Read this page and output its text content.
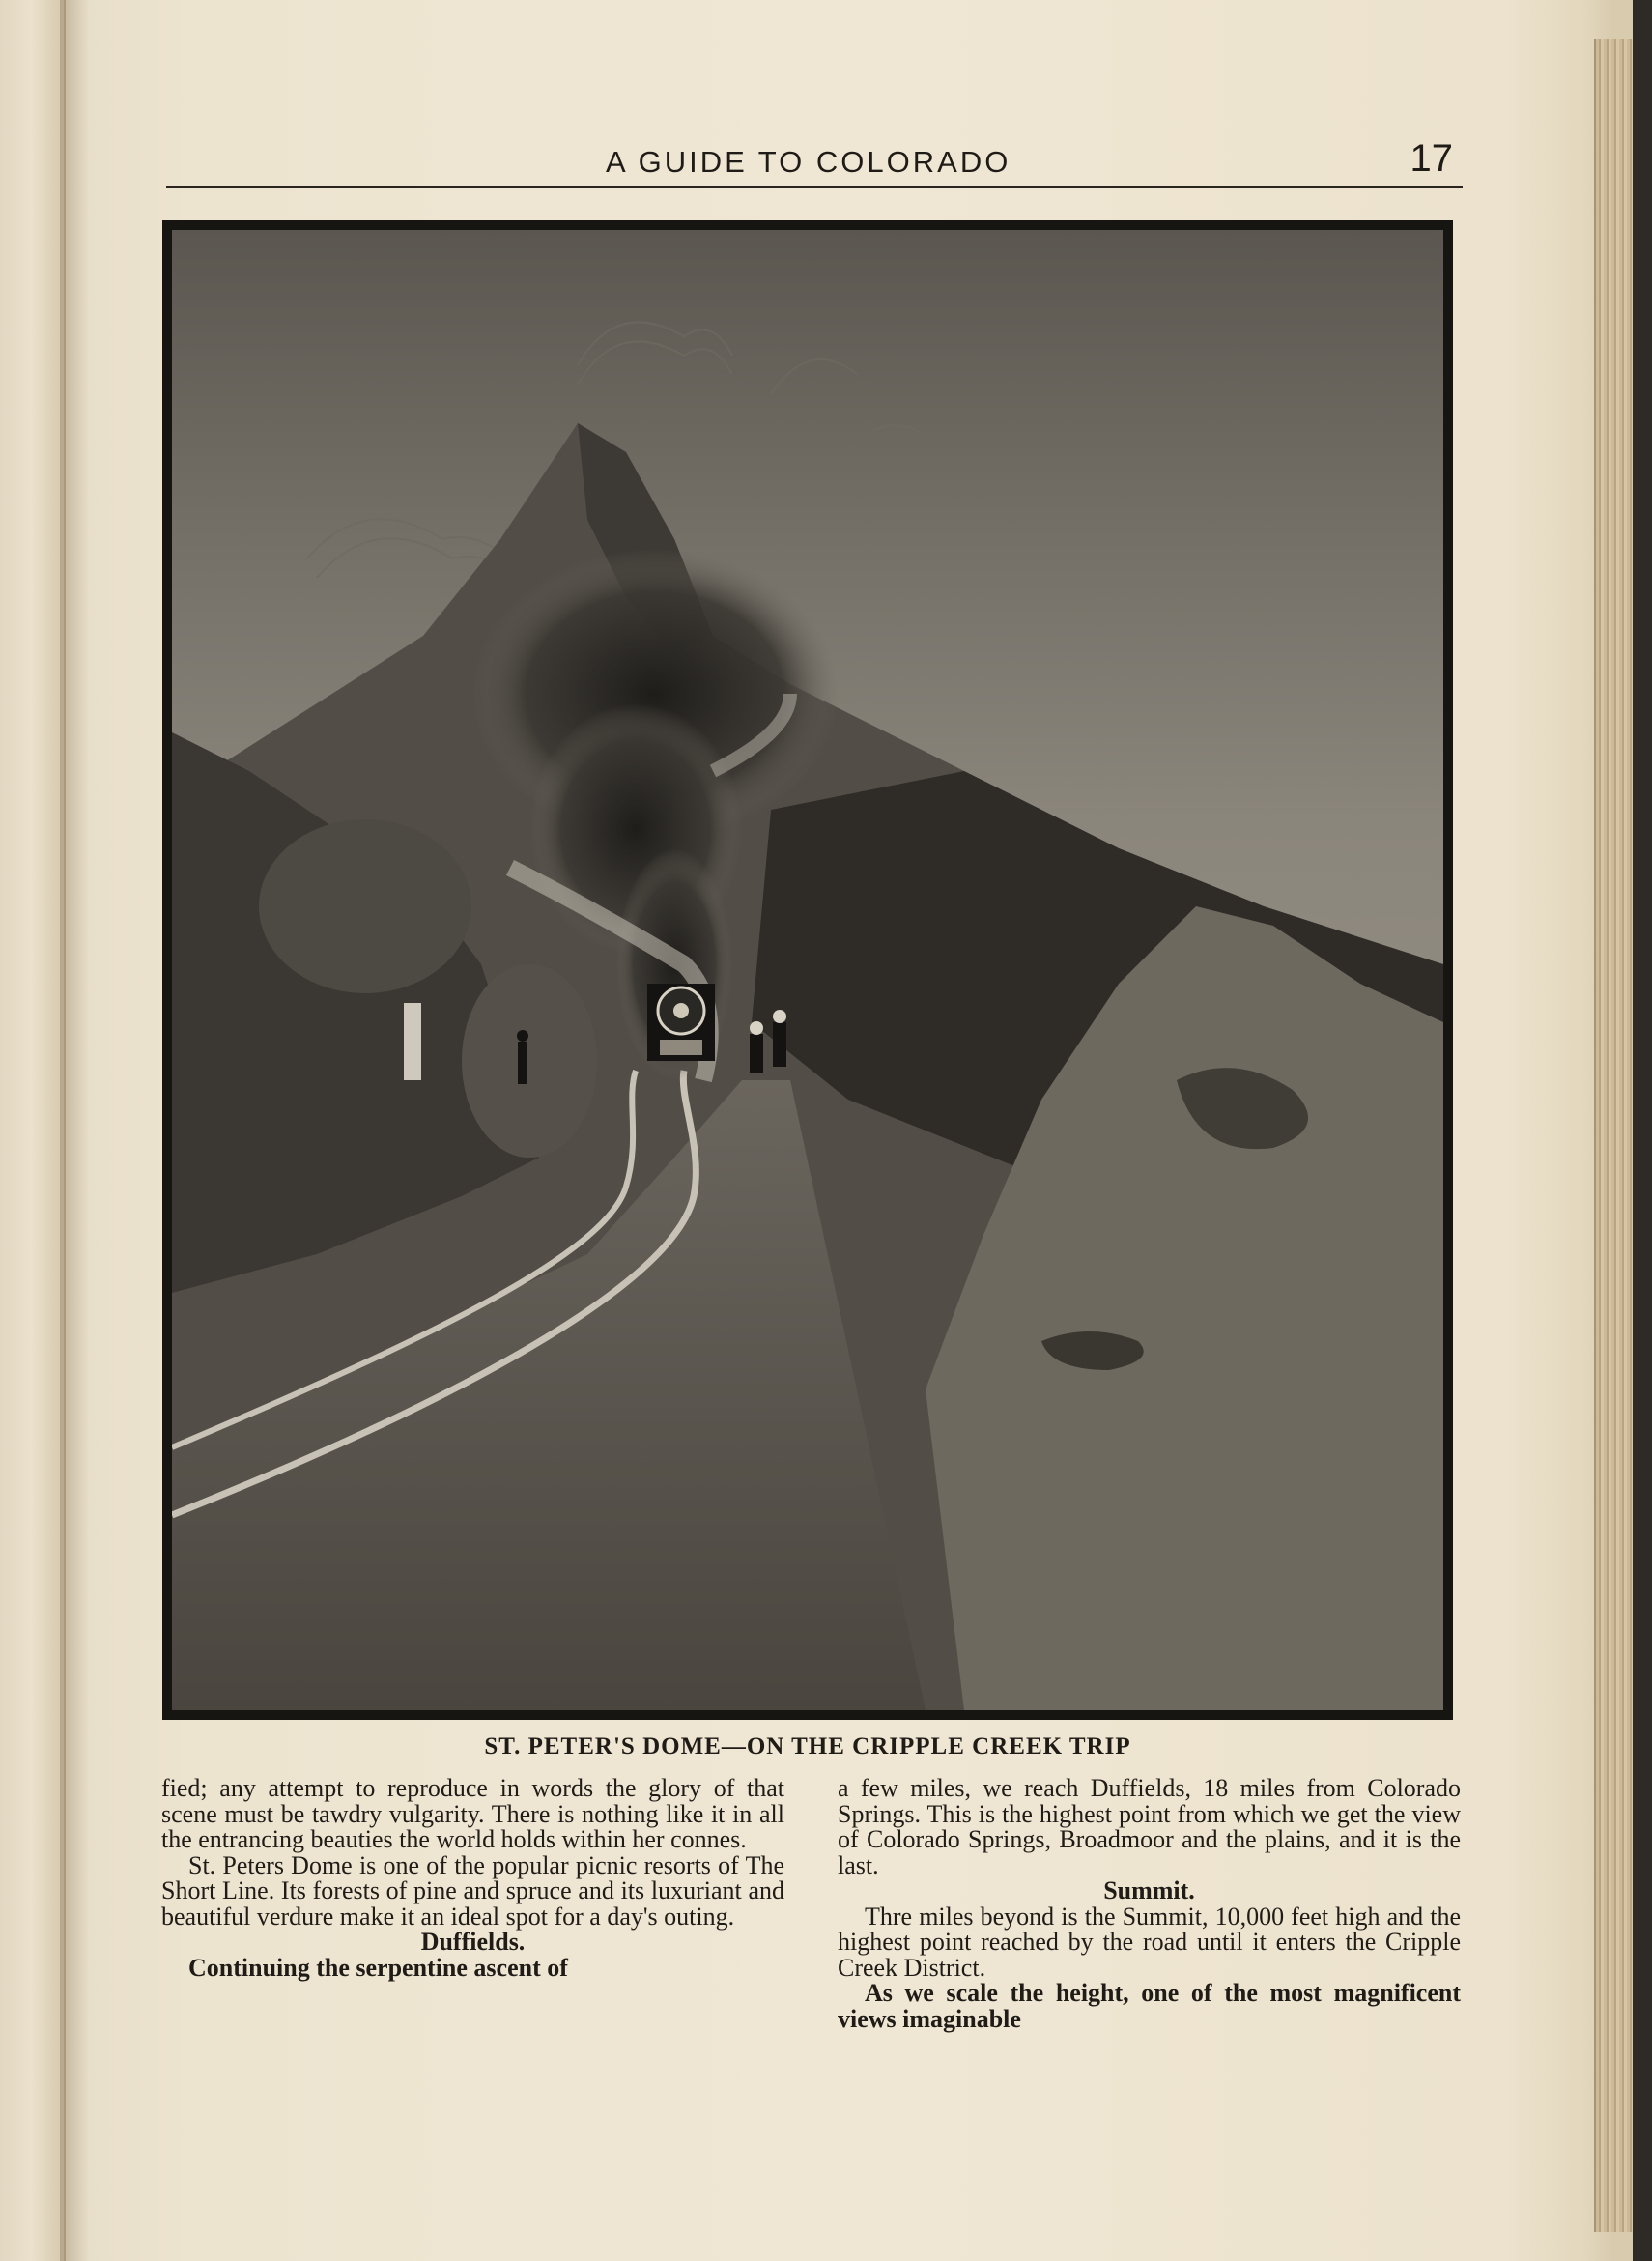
A GUIDE TO COLORADO	17
ST. PETER'S DOME—ON THE CRIPPLE CREEK TRIP

fied; any attempt to reproduce in words the glory of that scene must be tawdry vulgarity. There is nothing like it in all the entrancing beauties the world holds within her connes.

St. Peters Dome is one of the popular picnic resorts of The Short Line. Its forests of pine and spruce and its luxuriant and beautiful verdure make it an ideal spot for a day's outing.

Duffields.

Continuing the serpentine ascent of

a few miles, we reach Duffields, 18 miles from Colorado Springs. This is the highest point from which we get the view of Colorado Springs, Broadmoor and the plains, and it is the last.

Summit.

Thre miles beyond is the Summit, 10,000 feet high and the highest point reached by the road until it enters the Cripple Creek District.

As we scale the height, one of the most magnificent views imaginable
